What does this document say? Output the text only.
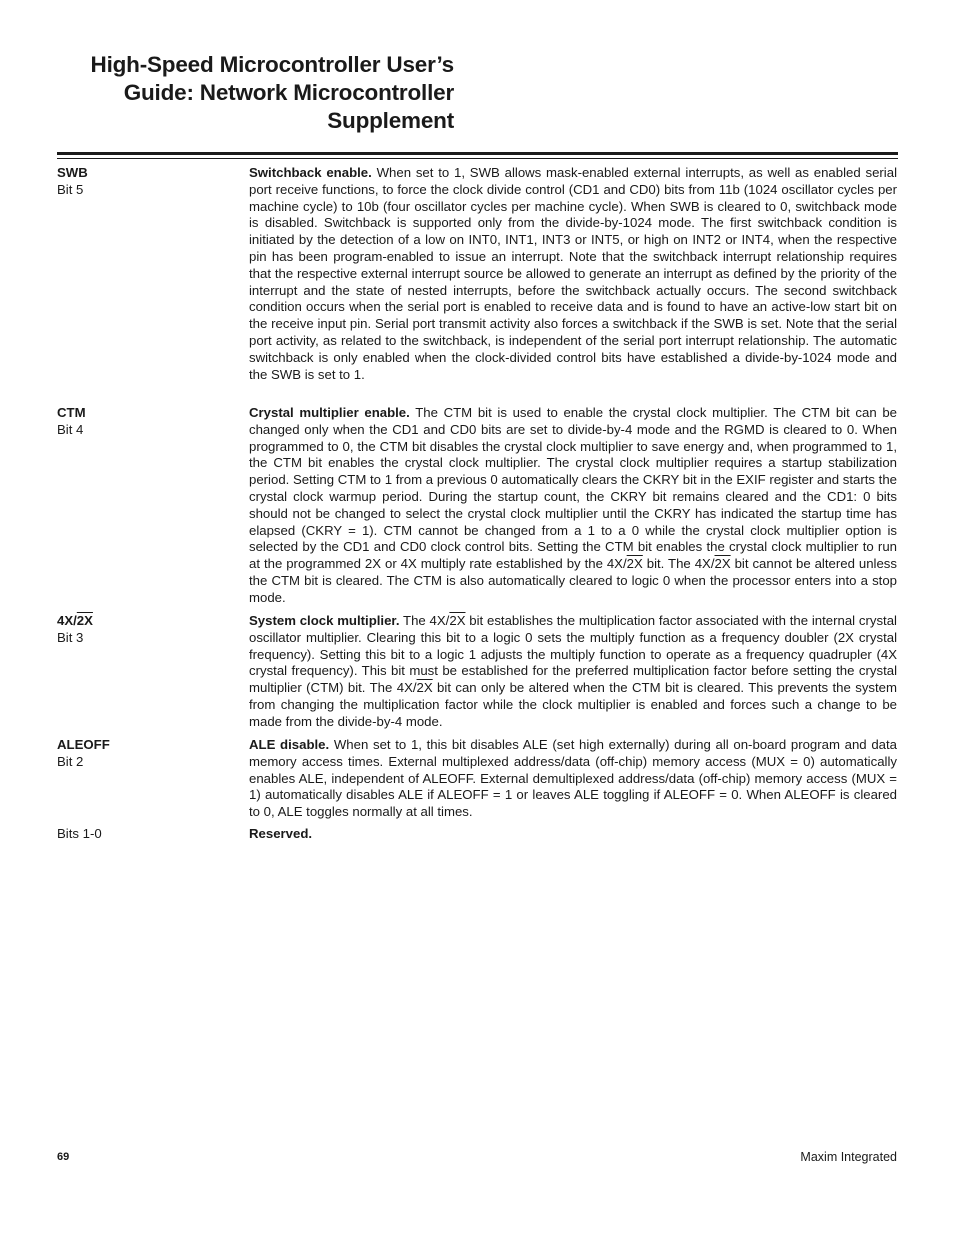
High-Speed Microcontroller User’s
Guide: Network Microcontroller
Supplement
SWB
Bit 5
Switchback enable. When set to 1, SWB allows mask-enabled external interrupts, as well as enabled serial port receive functions, to force the clock divide control (CD1 and CD0) bits from 11b (1024 oscillator cycles per machine cycle) to 10b (four oscillator cycles per machine cycle). When SWB is cleared to 0, switchback mode is disabled. Switchback is supported only from the divide-by-1024 mode. The first switchback condition is initiated by the detection of a low on INT0, INT1, INT3 or INT5, or high on INT2 or INT4, when the respective pin has been program-enabled to issue an interrupt. Note that the switchback interrupt relationship requires that the respective external interrupt source be allowed to generate an interrupt as defined by the priority of the interrupt and the state of nested interrupts, before the switchback actually occurs. The second switchback condition occurs when the serial port is enabled to receive data and is found to have an active-low start bit on the receive input pin. Serial port transmit activity also forces a switchback if the SWB is set. Note that the serial port activity, as related to the switchback, is independent of the serial port interrupt relationship. The automatic switchback is only enabled when the clock-divided control bits have established a divide-by-1024 mode and the SWB is set to 1.
CTM
Bit 4
Crystal multiplier enable. The CTM bit is used to enable the crystal clock multiplier. The CTM bit can be changed only when the CD1 and CD0 bits are set to divide-by-4 mode and the RGMD is cleared to 0. When programmed to 0, the CTM bit disables the crystal clock multiplier to save energy and, when programmed to 1, the CTM bit enables the crystal clock multiplier. The crystal clock multiplier requires a startup stabilization period. Setting CTM to 1 from a previous 0 automatically clears the CKRY bit in the EXIF register and starts the crystal clock warmup period. During the startup count, the CKRY bit remains cleared and the CD1: 0 bits should not be changed to select the crystal clock multiplier until the CKRY has indicated the startup time has elapsed (CKRY = 1). CTM cannot be changed from a 1 to a 0 while the crystal clock multiplier option is selected by the CD1 and CD0 clock control bits. Setting the CTM bit enables the crystal clock multiplier to run at the programmed 2X or 4X multiply rate established by the 4X/2X bit. The 4X/2X bit cannot be altered unless the CTM bit is cleared. The CTM is also automatically cleared to logic 0 when the processor enters into a stop mode.
4X/2X
Bit 3
System clock multiplier. The 4X/2X bit establishes the multiplication factor associated with the internal crystal oscillator multiplier. Clearing this bit to a logic 0 sets the multiply function as a frequency doubler (2X crystal frequency). Setting this bit to a logic 1 adjusts the multiply function to operate as a frequency quadrupler (4X crystal frequency). This bit must be established for the preferred multiplication factor before setting the crystal multiplier (CTM) bit. The 4X/2X bit can only be altered when the CTM bit is cleared. This prevents the system from changing the multiplication factor while the clock multiplier is enabled and forces such a change to be made from the divide-by-4 mode.
ALEOFF
Bit 2
ALE disable. When set to 1, this bit disables ALE (set high externally) during all on-board program and data memory access times. External multiplexed address/data (off-chip) memory access (MUX = 0) automatically enables ALE, independent of ALEOFF. External demultiplexed address/data (off-chip) memory access (MUX = 1) automatically disables ALE if ALEOFF = 1 or leaves ALE toggling if ALEOFF = 0. When ALEOFF is cleared to 0, ALE toggles normally at all times.
Bits 1-0	Reserved.
69	Maxim Integrated
